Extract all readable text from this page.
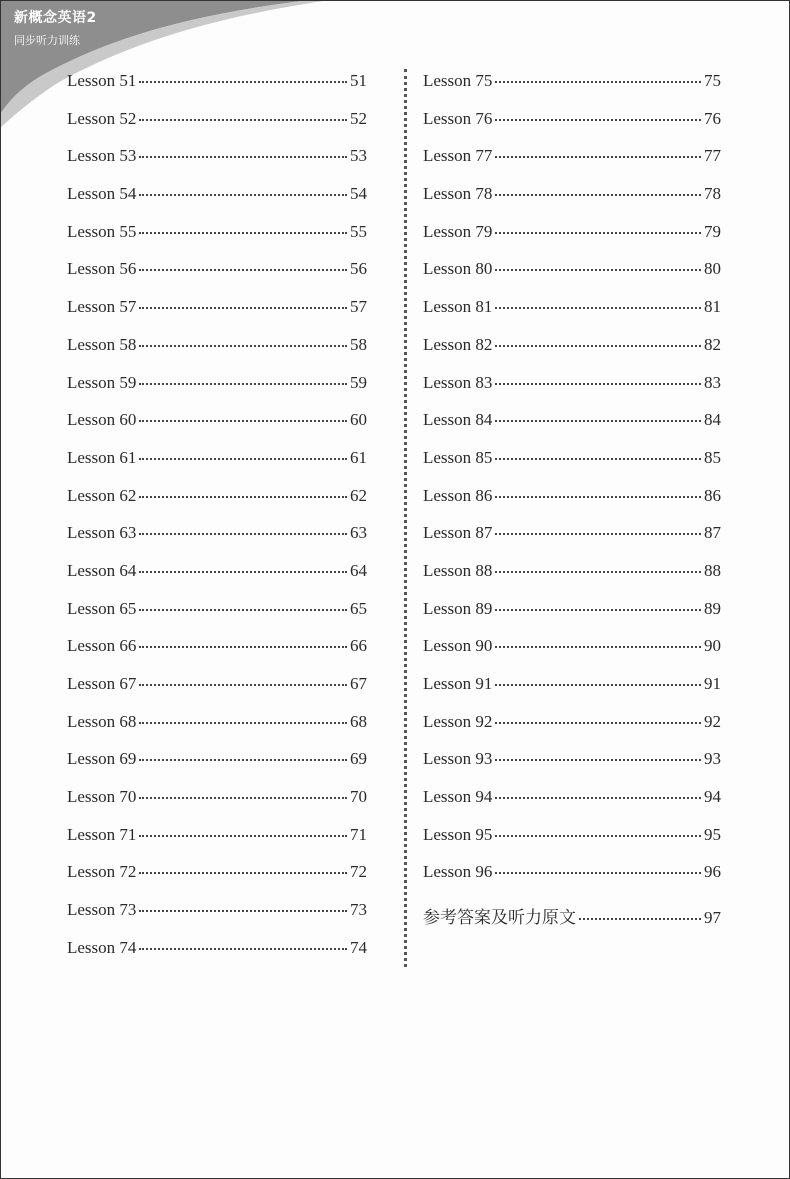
新概念英语2
同步听力训练
Lesson 51	51
Lesson 52	52
Lesson 53	53
Lesson 54	54
Lesson 55	55
Lesson 56	56
Lesson 57	57
Lesson 58	58
Lesson 59	59
Lesson 60	60
Lesson 61	61
Lesson 62	62
Lesson 63	63
Lesson 64	64
Lesson 65	65
Lesson 66	66
Lesson 67	67
Lesson 68	68
Lesson 69	69
Lesson 70	70
Lesson 71	71
Lesson 72	72
Lesson 73	73
Lesson 74	74
Lesson 75	75
Lesson 76	76
Lesson 77	77
Lesson 78	78
Lesson 79	79
Lesson 80	80
Lesson 81	81
Lesson 82	82
Lesson 83	83
Lesson 84	84
Lesson 85	85
Lesson 86	86
Lesson 87	87
Lesson 88	88
Lesson 89	89
Lesson 90	90
Lesson 91	91
Lesson 92	92
Lesson 93	93
Lesson 94	94
Lesson 95	95
Lesson 96	96
参考答案及听力原文	97
